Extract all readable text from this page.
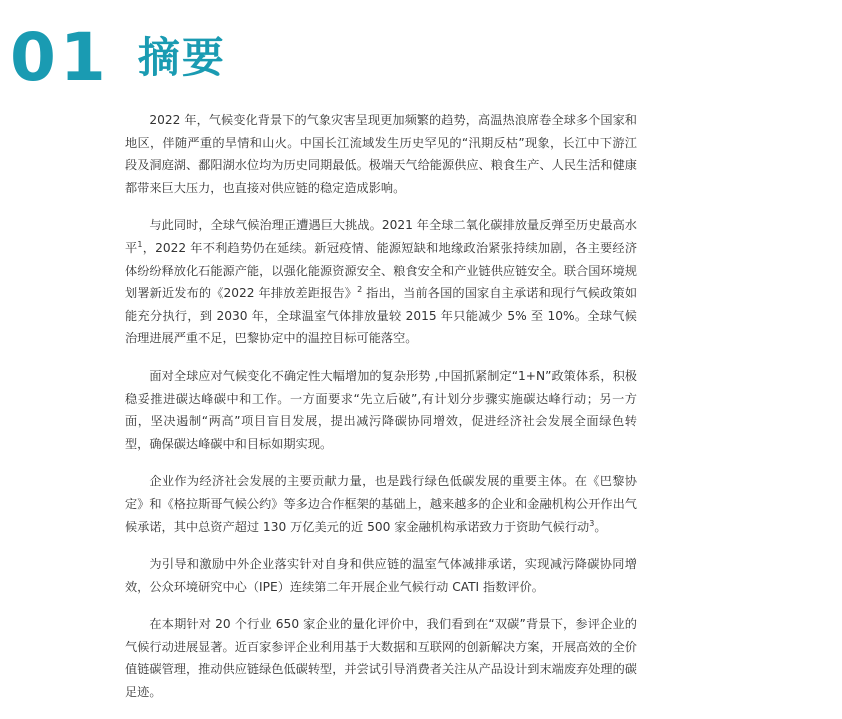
01 摘要

2022 年，气候变化背景下的气象灾害呈现更加频繁的趋势，高温热浪席卷全球多个国家和地区，伴随严重的旱情和山火。中国长江流域发生历史罕见的“汛期反枯”现象，长江中下游江段及洞庭湖、鄱阳湖水位均为历史同期最低。极端天气给能源供应、粮食生产、人民生活和健康都带来巨大压力，也直接对供应链的稳定造成影响。

与此同时，全球气候治理正遭遇巨大挑战。2021 年全球二氧化碳排放量反弹至历史最高水平$^1$，2022 年不利趋势仍在延续。新冠疫情、能源短缺和地缘政治紧张持续加剧，各主要经济体纷纷释放化石能源产能，以强化能源资源安全、粮食安全和产业链供应链安全。联合国环境规划署新近发布的《2022 年排放差距报告》$^2$ 指出，当前各国的国家自主承诺和现行气候政策如能充分执行，到 2030 年，全球温室气体排放量较 2015 年只能减少 5% 至 10%。全球气候治理进展严重不足，巴黎协定中的温控目标可能落空。

面对全球应对气候变化不确定性大幅增加的复杂形势 ,中国抓紧制定“1+N”政策体系，积极稳妥推进碳达峰碳中和工作。一方面要求“先立后破”,有计划分步骤实施碳达峰行动；另一方面，坚决遏制“两高”项目盲目发展，提出减污降碳协同增效，促进经济社会发展全面绿色转型，确保碳达峰碳中和目标如期实现。

企业作为经济社会发展的主要贡献力量，也是践行绿色低碳发展的重要主体。在《巴黎协定》和《格拉斯哥气候公约》等多边合作框架的基础上，越来越多的企业和金融机构公开作出气候承诺，其中总资产超过 130 万亿美元的近 500 家金融机构承诺致力于资助气候行动$^3$。

为引导和激励中外企业落实针对自身和供应链的温室气体减排承诺，实现减污降碳协同增效，公众环境研究中心（IPE）连续第二年开展企业气候行动 CATI 指数评价。

在本期针对 20 个行业 650 家企业的量化评价中，我们看到在“双碳”背景下，参评企业的气候行动进展显著。近百家参评企业利用基于大数据和互联网的创新解决方案，开展高效的全价值链碳管理，推动供应链绿色低碳转型，并尝试引导消费者关注从产品设计到末端废弃处理的碳足迹。
